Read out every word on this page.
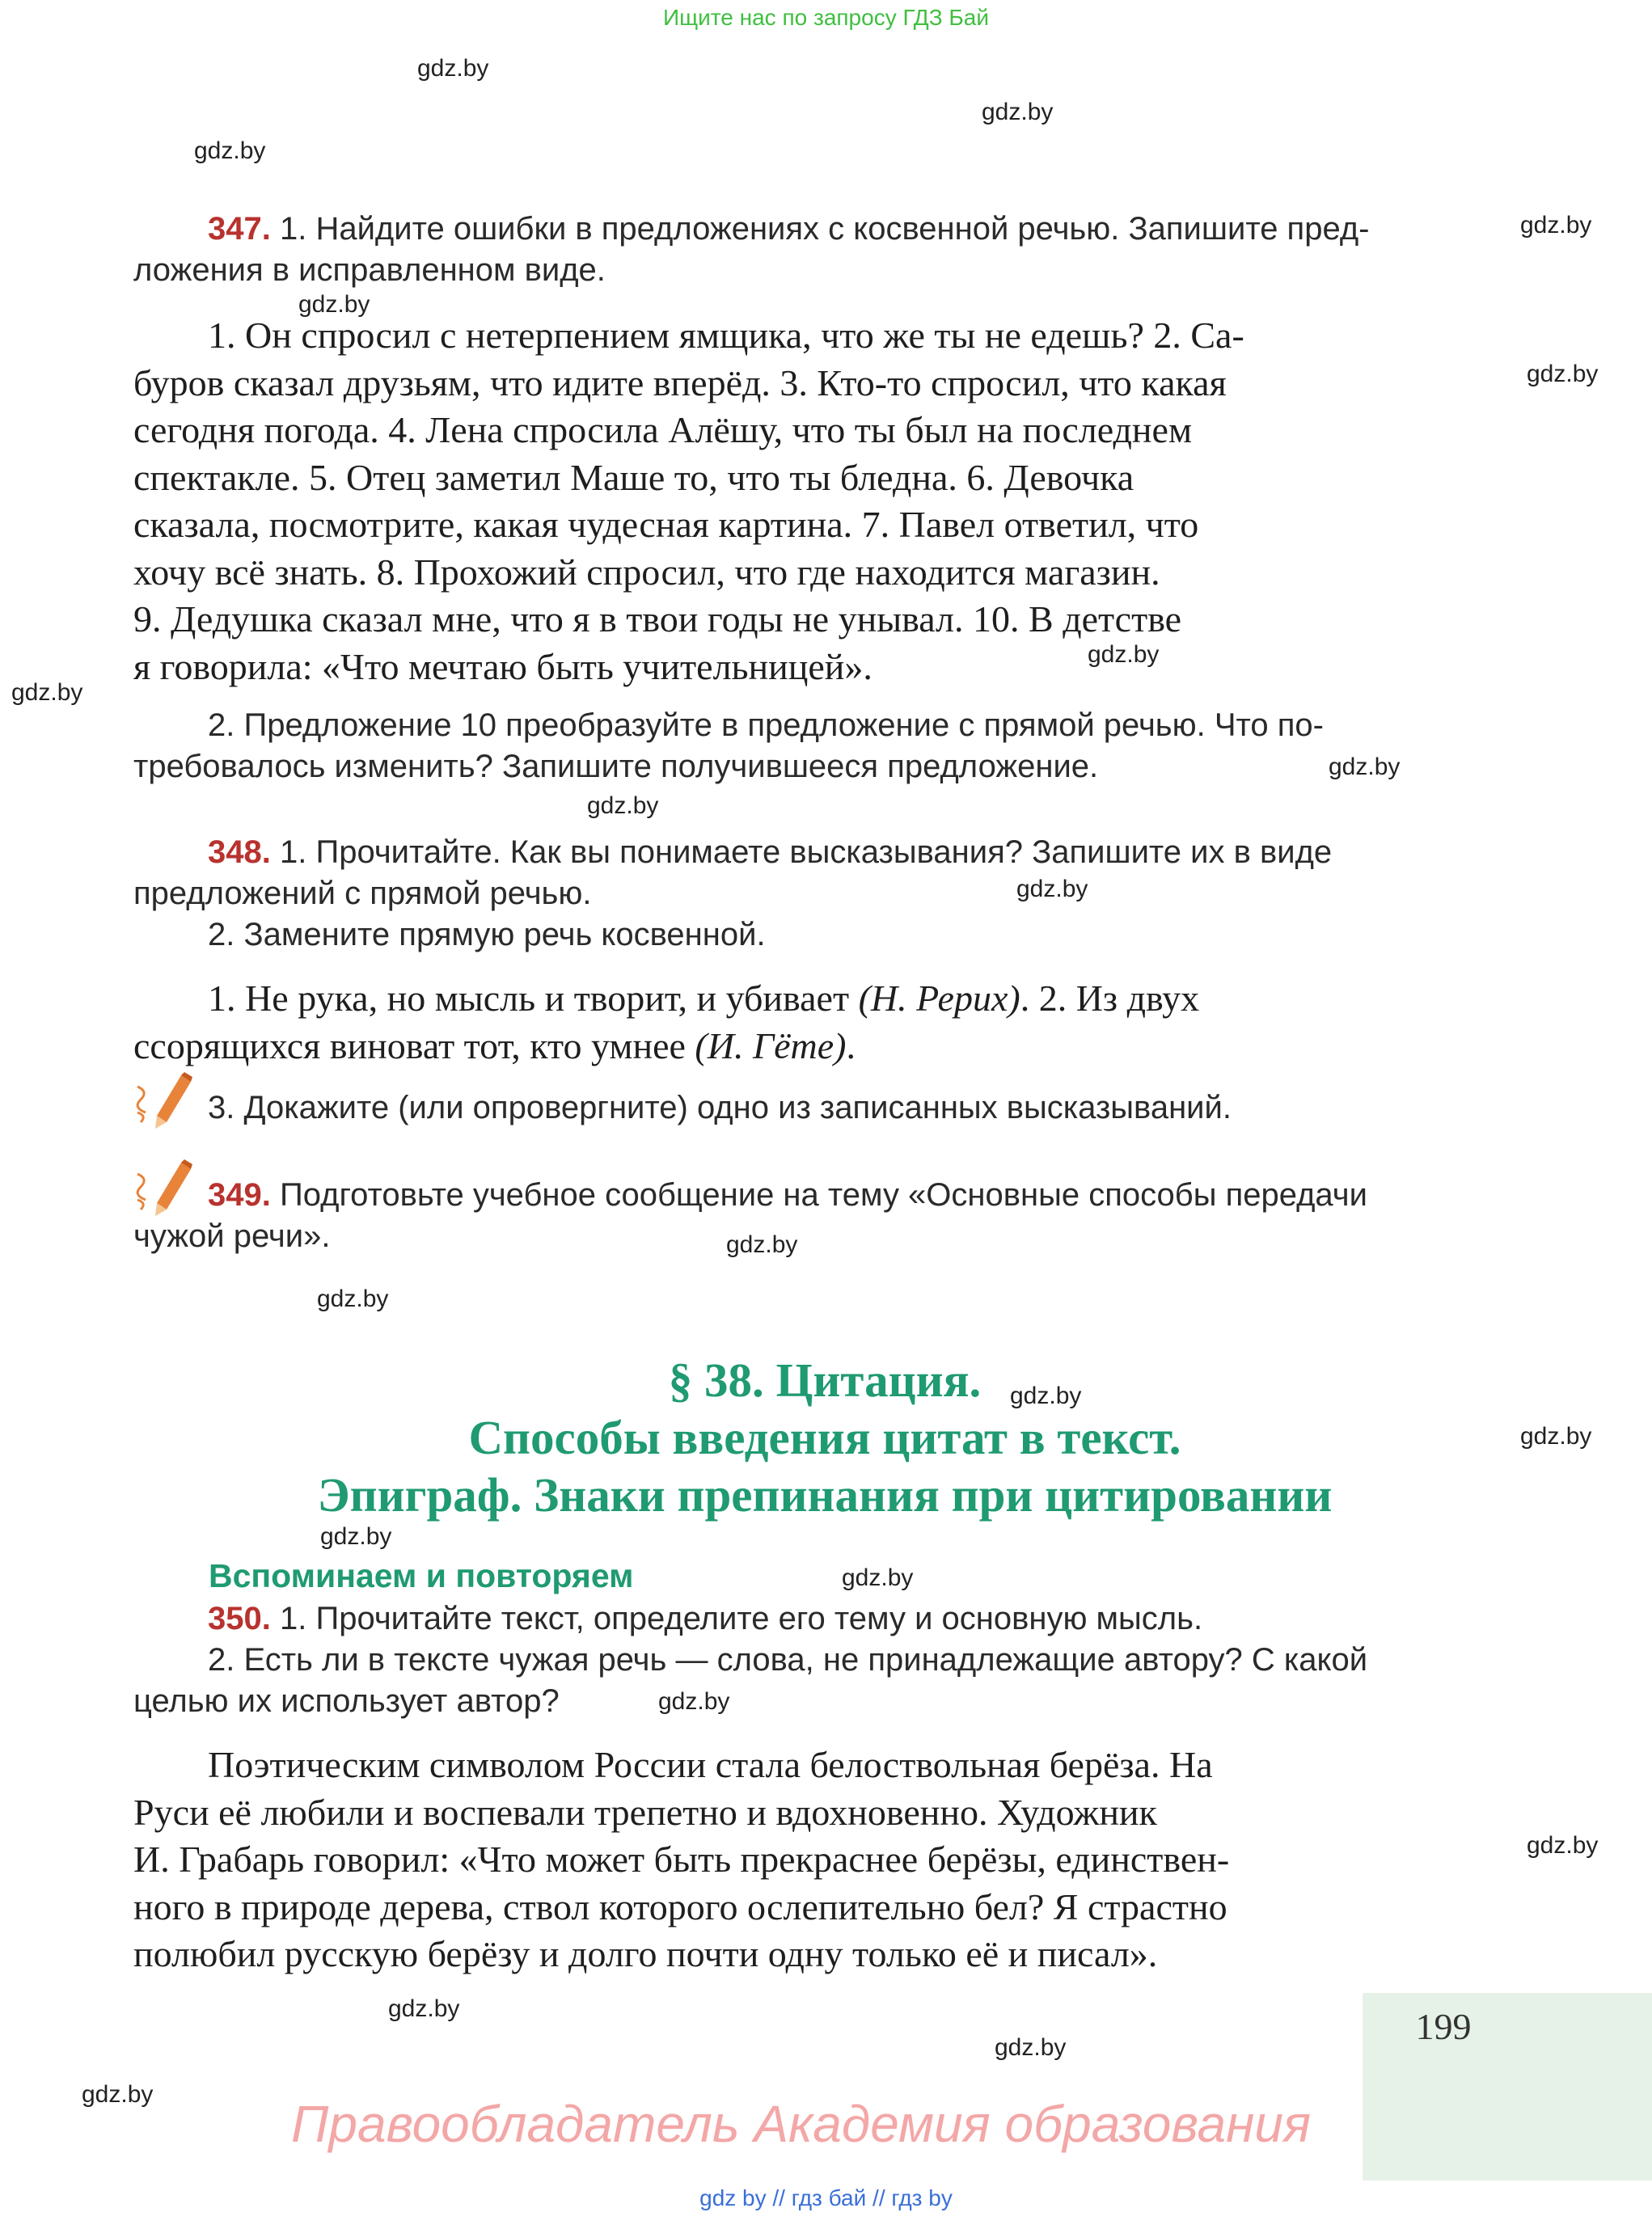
Ищите нас по запросу ГДЗ Бай
gdz.by
gdz.by
gdz.by
gdz.by
gdz.by
gdz.by
gdz.by
gdz.by
gdz.by
gdz.by
gdz.by
gdz.by
gdz.by
gdz.by
gdz.by
gdz.by
gdz.by
gdz.by
gdz.by
gdz.by
gdz.by
gdz.by
347. 1. Найдите ошибки в предложениях с косвенной речью. Запишите пред-
ложения в исправленном виде.
1. Он спросил с нетерпением ямщика, что же ты не едешь? 2. Са-
буров сказал друзьям, что идите вперёд. 3. Кто-то спросил, что какая
сегодня погода. 4. Лена спросила Алёшу, что ты был на последнем
спектакле. 5. Отец заметил Маше то, что ты бледна. 6. Девочка
сказала, посмотрите, какая чудесная картина. 7. Павел ответил, что
хочу всё знать. 8. Прохожий спросил, что где находится магазин.
9. Дедушка сказал мне, что я в твои годы не унывал. 10. В детстве
я говорила: «Что мечтаю быть учительницей».
2. Предложение 10 преобразуйте в предложение с прямой речью. Что по-
требовалось изменить? Запишите получившееся предложение.
348. 1. Прочитайте. Как вы понимаете высказывания? Запишите их в виде
предложений с прямой речью.
2. Замените прямую речь косвенной.
1. Не рука, но мысль и творит, и убивает (Н. Рерих). 2. Из двух
ссорящихся виноват тот, кто умнее (И. Гёте).
3. Докажите (или опровергните) одно из записанных высказываний.
349. Подготовьте учебное сообщение на тему «Основные способы передачи
чужой речи».
§ 38. Цитация.
Способы введения цитат в текст.
Эпиграф. Знаки препинания при цитировании
Вспоминаем и повторяем
350. 1. Прочитайте текст, определите его тему и основную мысль.
2. Есть ли в тексте чужая речь — слова, не принадлежащие автору? С какой
целью их использует автор?
Поэтическим символом России стала белоствольная берёза. На
Руси её любили и воспевали трепетно и вдохновенно. Художник
И. Грабарь говорил: «Что может быть прекраснее берёзы, единствен-
ного в природе дерева, ствол которого ослепительно бел? Я страстно
полюбил русскую берёзу и долго почти одну только её и писал».
199
Правообладатель Академия образования
gdz by // гдз бай // гдз by
